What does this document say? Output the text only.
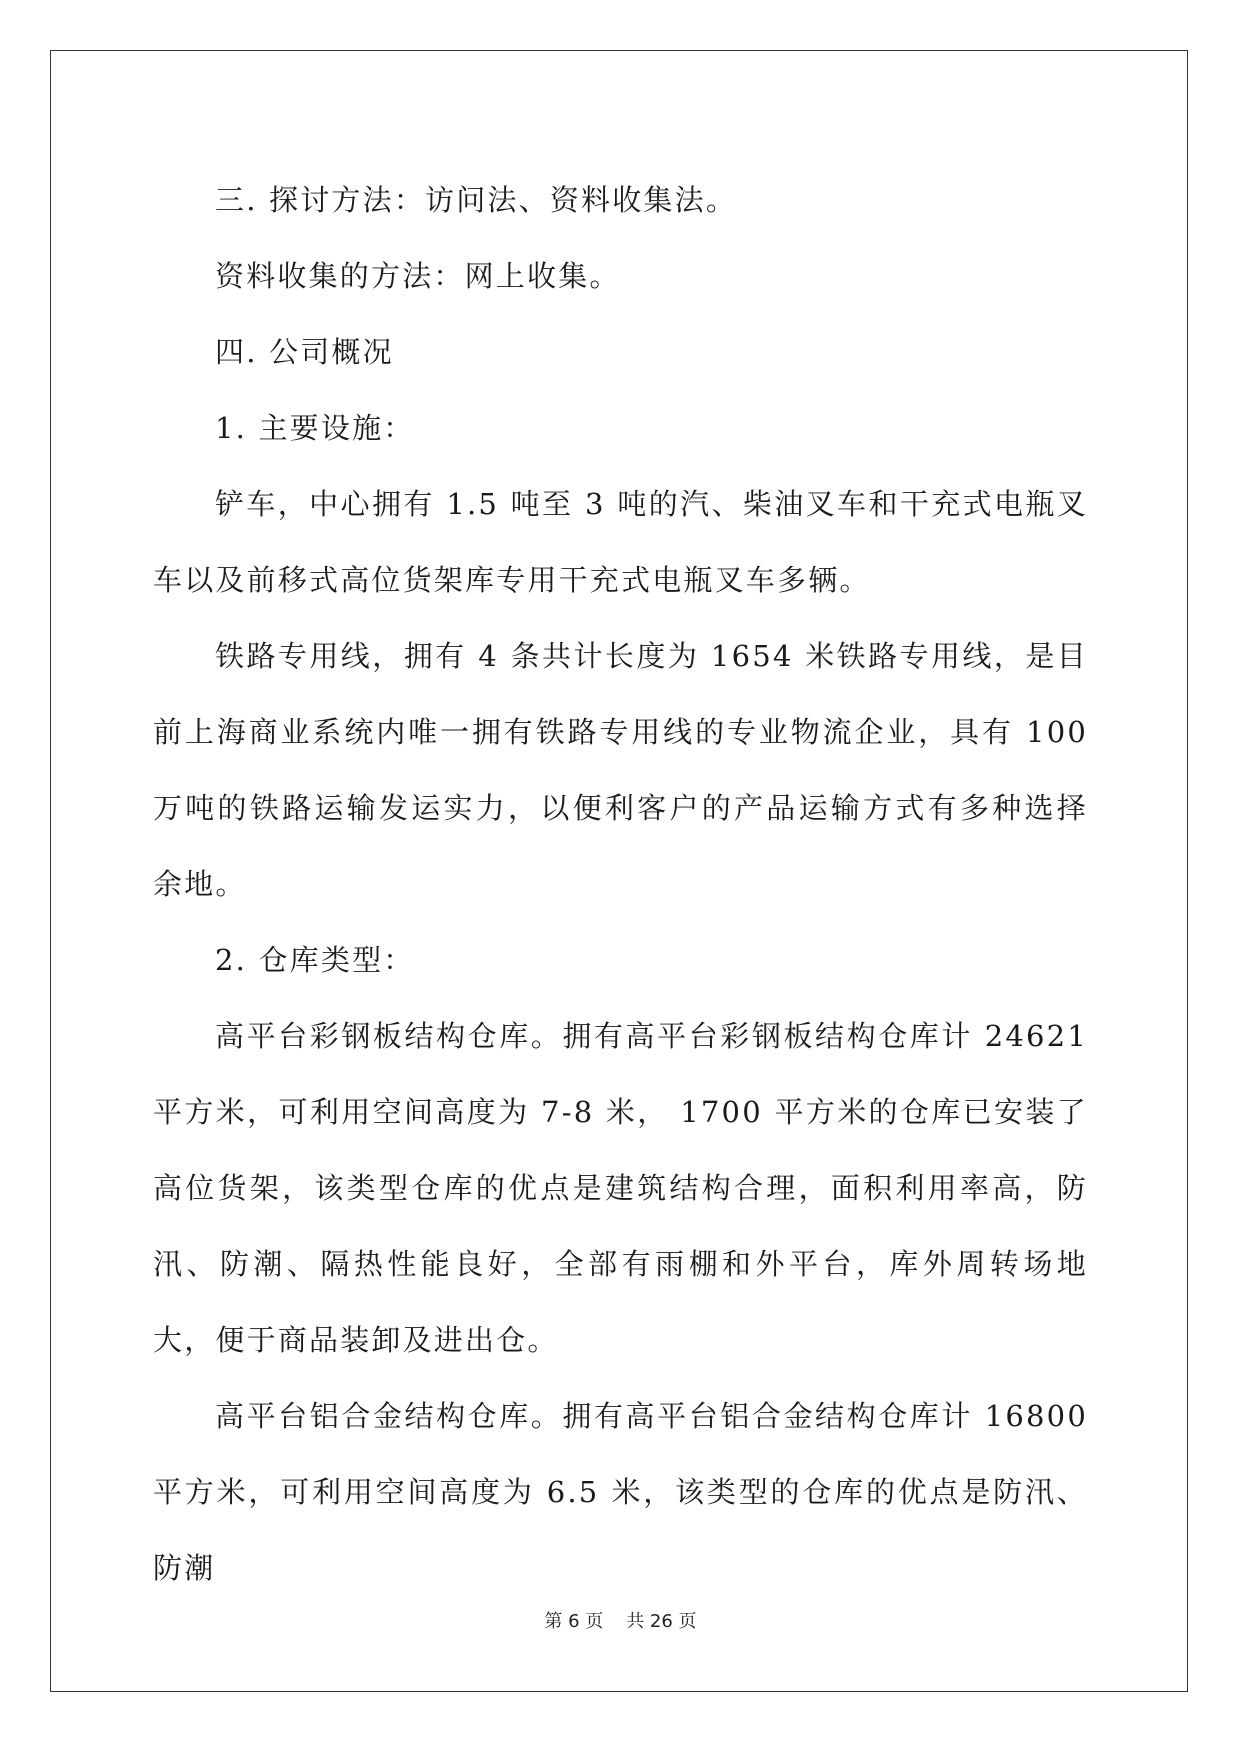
三. 探讨方法：访问法、资料收集法。

资料收集的方法：网上收集。

四. 公司概况

1. 主要设施：

铲车，中心拥有 1.5 吨至 3 吨的汽、柴油叉车和干充式电瓶叉车以及前移式高位货架库专用干充式电瓶叉车多辆。

铁路专用线，拥有 4 条共计长度为 1654 米铁路专用线，是目前上海商业系统内唯一拥有铁路专用线的专业物流企业，具有 100 万吨的铁路运输发运实力，以便利客户的产品运输方式有多种选择余地。

2. 仓库类型：

高平台彩钢板结构仓库。拥有高平台彩钢板结构仓库计 24621 平方米，可利用空间高度为 7-8 米， 1700 平方米的仓库已安装了高位货架，该类型仓库的优点是建筑结构合理，面积利用率高，防汛、防潮、隔热性能良好，全部有雨棚和外平台，库外周转场地大，便于商品装卸及进出仓。

高平台铝合金结构仓库。拥有高平台铝合金结构仓库计 16800 平方米，可利用空间高度为 6.5 米，该类型的仓库的优点是防汛、防潮

第 6 页    共 26 页
